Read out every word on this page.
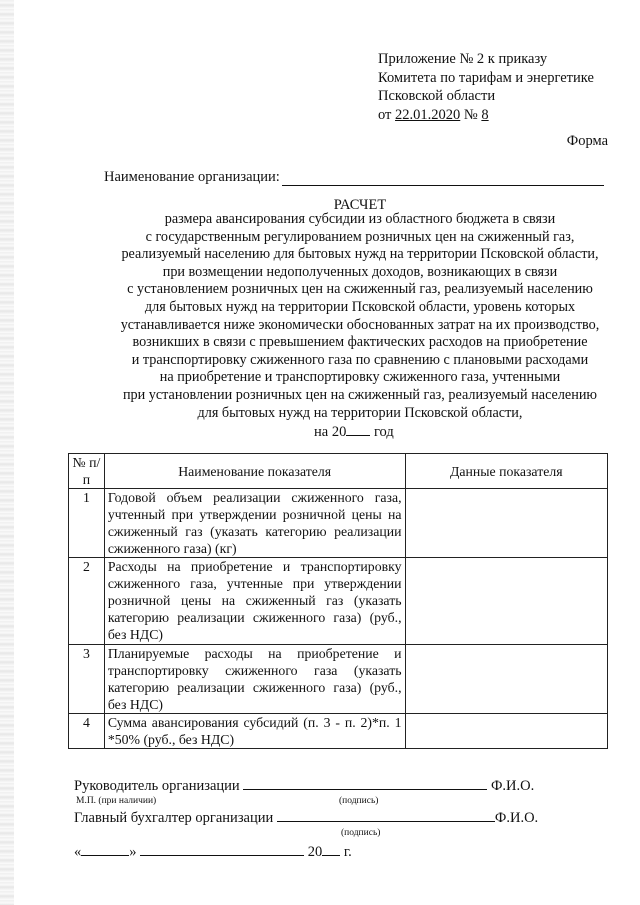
Приложение № 2 к приказу
Комитета по тарифам и энергетике
Псковской области
от 22.01.2020 № 8
Форма
Наименование организации:
РАСЧЕТ
размера авансирования субсидии из областного бюджета в связи
с государственным регулированием розничных цен на сжиженный газ,
реализуемый населению для бытовых нужд на территории Псковской области,
при возмещении недополученных доходов, возникающих в связи
с установлением розничных цен на сжиженный газ, реализуемый населению
для бытовых нужд на территории Псковской области, уровень которых
устанавливается ниже экономически обоснованных затрат на их производство,
возникших в связи с превышением фактических расходов на приобретение
и транспортировку сжиженного газа по сравнению с плановыми расходами
на приобретение и транспортировку сжиженного газа, учтенными
при установлении розничных цен на сжиженный газ, реализуемый населению
для бытовых нужд на территории Псковской области,
на 20 год
№ п/п	Наименование показателя	Данные показателя
1	Годовой объем реализации сжиженного газа, учтенный при утверждении розничной цены на сжиженный газ (указать категорию реализации сжиженного газа) (кг)	
2	Расходы на приобретение и транспортировку сжиженного газа, учтенные при утверждении розничной цены на сжиженный газ (указать категорию реализации сжиженного газа) (руб., без НДС)	
3	Планируемые расходы на приобретение и транспортировку сжиженного газа (указать категорию реализации сжиженного газа) (руб., без НДС)	
4	Сумма авансирования субсидий (п. 3 - п. 2)*п. 1 *50% (руб., без НДС)	
Руководитель организации	Ф.И.О.
М.П. (при наличии)	(подпись)
Главный бухгалтер организации	Ф.И.О.
(подпись)
«	»	20 г.
